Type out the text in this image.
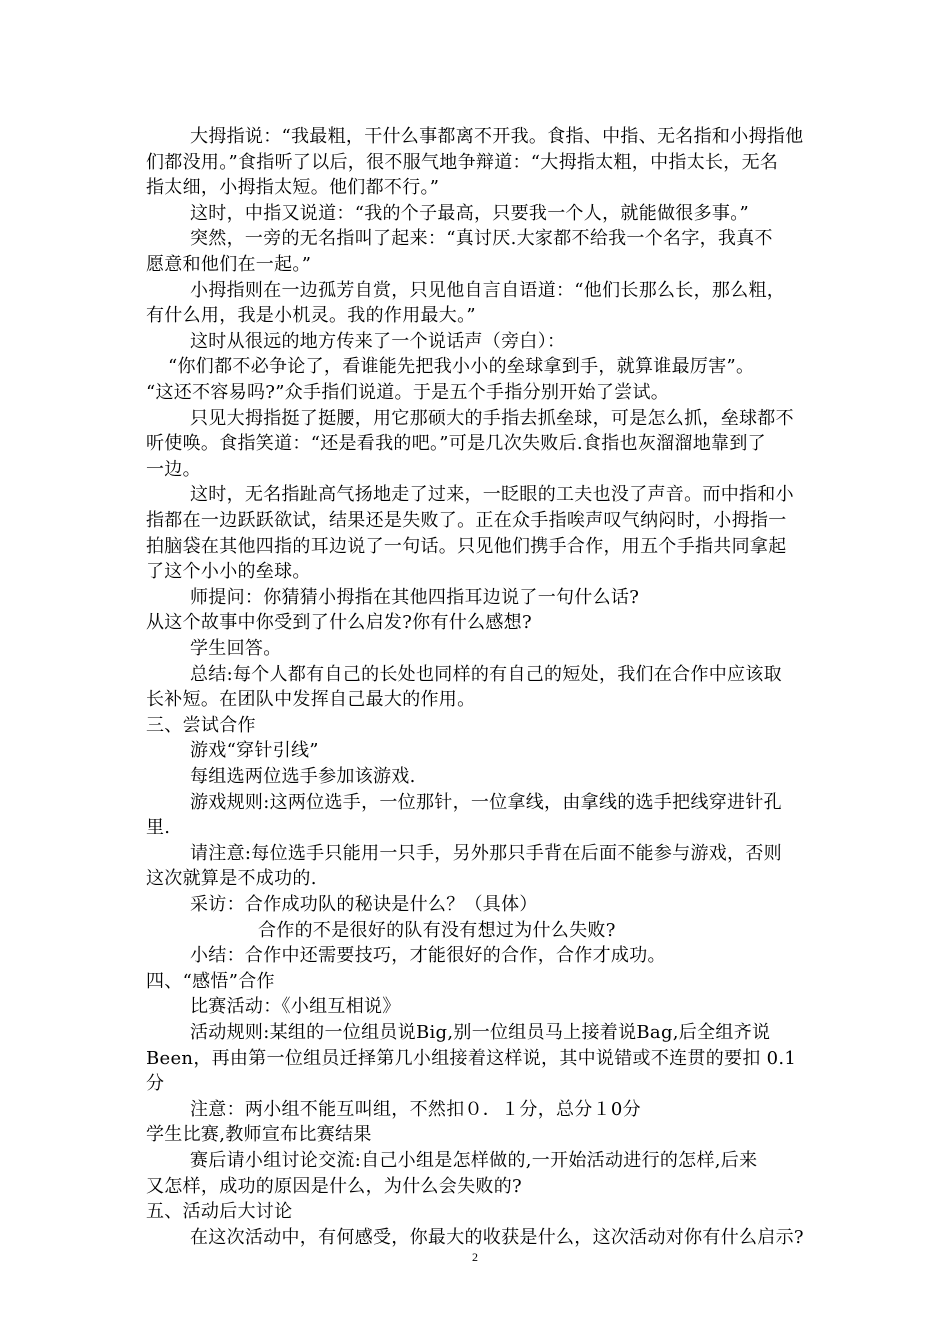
大拇指说：“我最粗，干什么事都离不开我。食指、中指、无名指和小拇指他
们都没用。”食指听了以后，很不服气地争辩道：“大拇指太粗，中指太长，无名
指太细，小拇指太短。他们都不行。”
这时，中指又说道：“我的个子最高，只要我一个人，就能做很多事。”
突然，一旁的无名指叫了起来：“真讨厌.大家都不给我一个名字，我真不
愿意和他们在一起。”
小拇指则在一边孤芳自赏，只见他自言自语道：“他们长那么长，那么粗，
有什么用，我是小机灵。我的作用最大。”
这时从很远的地方传来了一个说话声（旁白）：
“你们都不必争论了，看谁能先把我小小的垒球拿到手，就算谁最厉害”。
“这还不容易吗?”众手指们说道。于是五个手指分别开始了尝试。
只见大拇指挺了挺腰，用它那硕大的手指去抓垒球，可是怎么抓，垒球都不
听使唤。食指笑道：“还是看我的吧。”可是几次失败后.食指也灰溜溜地靠到了
一边。
这时，无名指趾高气扬地走了过来，一眨眼的工夫也没了声音。而中指和小
指都在一边跃跃欲试，结果还是失败了。正在众手指唉声叹气纳闷时，小拇指一
拍脑袋在其他四指的耳边说了一句话。只见他们携手合作，用五个手指共同拿起
了这个小小的垒球。
师提问：你猜猜小拇指在其他四指耳边说了一句什么话?
从这个故事中你受到了什么启发?你有什么感想?
学生回答。
总结:每个人都有自己的长处也同样的有自己的短处，我们在合作中应该取
长补短。在团队中发挥自己最大的作用。
三、尝试合作
游戏“穿针引线”
每组选两位选手参加该游戏.
游戏规则:这两位选手，一位那针，一位拿线，由拿线的选手把线穿进针孔
里.
请注意:每位选手只能用一只手，另外那只手背在后面不能参与游戏，否则
这次就算是不成功的.
采访：合作成功队的秘诀是什么？（具体）
合作的不是很好的队有没有想过为什么失败?
小结：合作中还需要技巧，才能很好的合作，合作才成功。
四、“感悟”合作
比赛活动：《小组互相说》
活动规则:某组的一位组员说Big,别一位组员马上接着说Bag,后全组齐说
Been，再由第一位组员迁择第几小组接着这样说，其中说错或不连贯的要扣 0.1
分
注意：两小组不能互叫组，不然扣０．１分，总分１0分
学生比赛,教师宣布比赛结果
赛后请小组讨论交流:自己小组是怎样做的,一开始活动进行的怎样,后来
又怎样，成功的原因是什么，为什么会失败的?
五、活动后大讨论
在这次活动中，有何感受，你最大的收获是什么，这次活动对你有什么启示?
2
